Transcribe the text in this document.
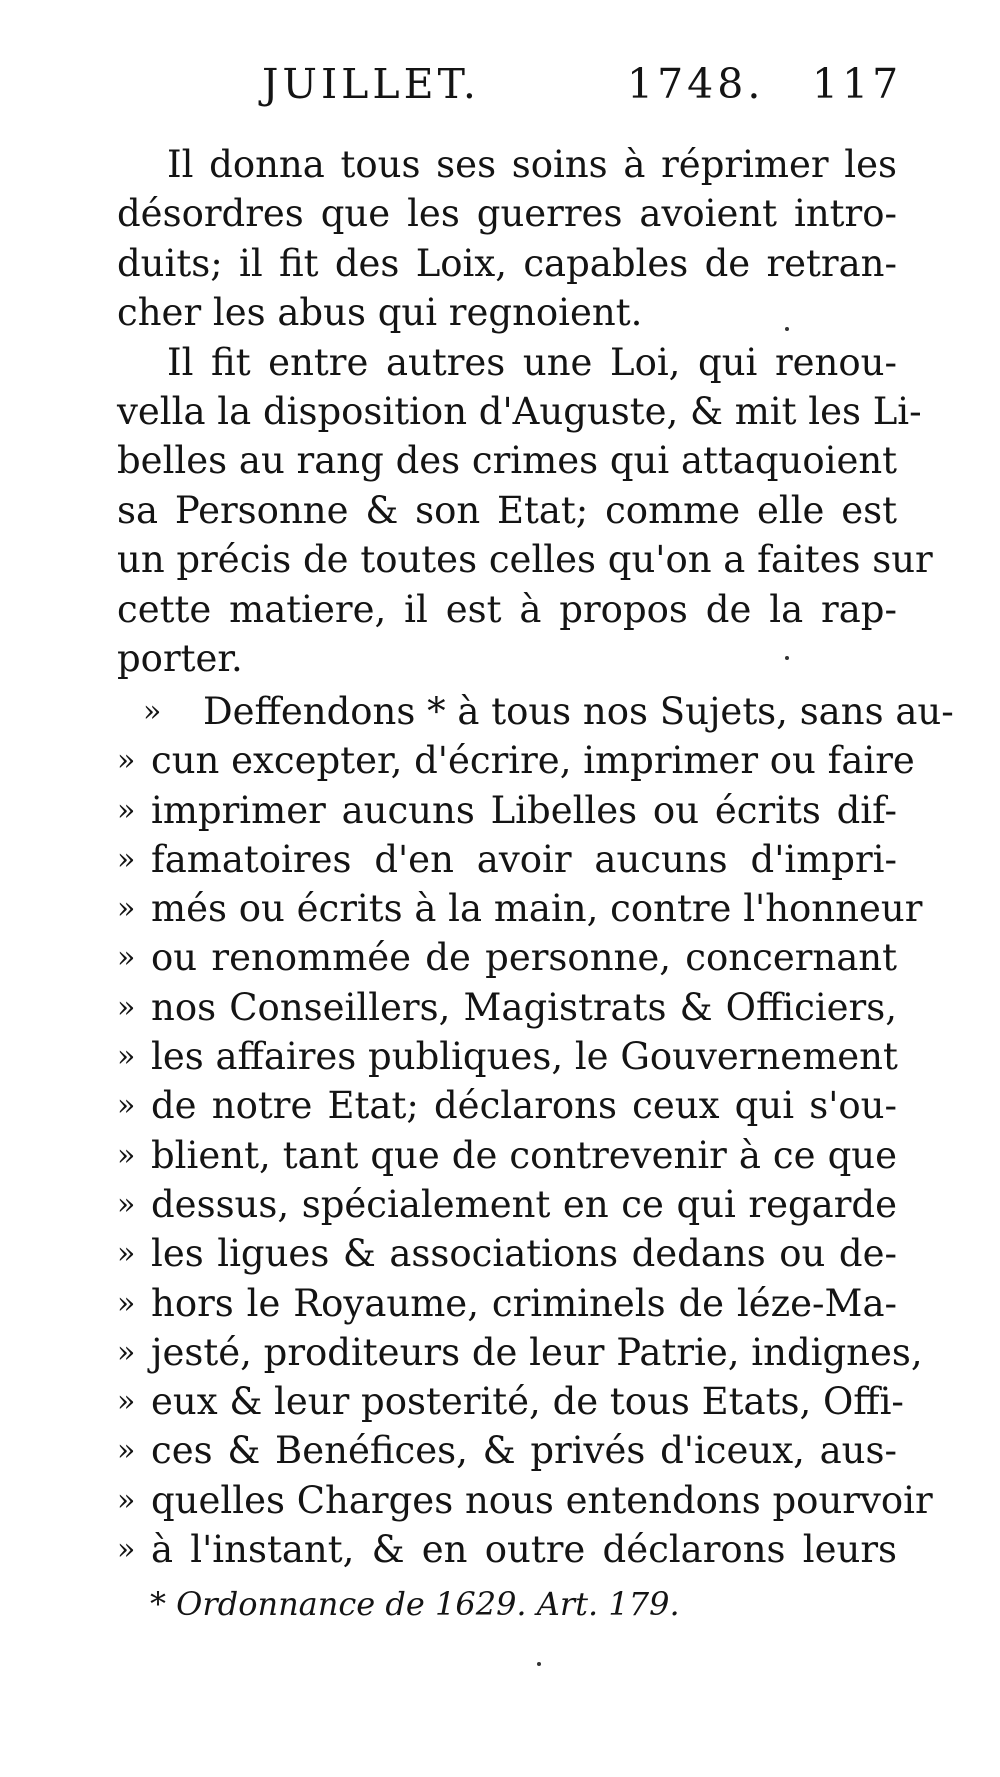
JUILLET.	1748. 117

Il donna tous ses soins à réprimer les
désordres que les guerres avoient intro-
duits; il fit des Loix, capables de retran-
cher les abus qui regnoient.

Il fit entre autres une Loi, qui renou-
vella la disposition d'Auguste, & mit les Li-
belles au rang des crimes qui attaquoient
sa Personne & son Etat; comme elle est
un précis de toutes celles qu'on a faites sur
cette matiere, il est à propos de la rap-
porter.

»	Deffendons * à tous nos Sujets, sans au-
» cun excepter, d'écrire, imprimer ou faire
» imprimer aucuns Libelles ou écrits dif-
» famatoires d'en avoir aucuns d'impri-
» més ou écrits à la main, contre l'honneur
» ou renommée de personne, concernant
» nos Conseillers, Magistrats & Officiers,
» les affaires publiques, le Gouvernement
» de notre Etat; déclarons ceux qui s'ou-
» blient, tant que de contrevenir à ce que
» dessus, spécialement en ce qui regarde
» les ligues & associations dedans ou de-
» hors le Royaume, criminels de léze-Ma-
» jesté, proditeurs de leur Patrie, indignes,
» eux & leur posterité, de tous Etats, Offi-
» ces & Benéfices, & privés d'iceux, aus-
» quelles Charges nous entendons pourvoir
» à l'instant, & en outre déclarons leurs
* Ordonnance de 1629. Art. 179.
